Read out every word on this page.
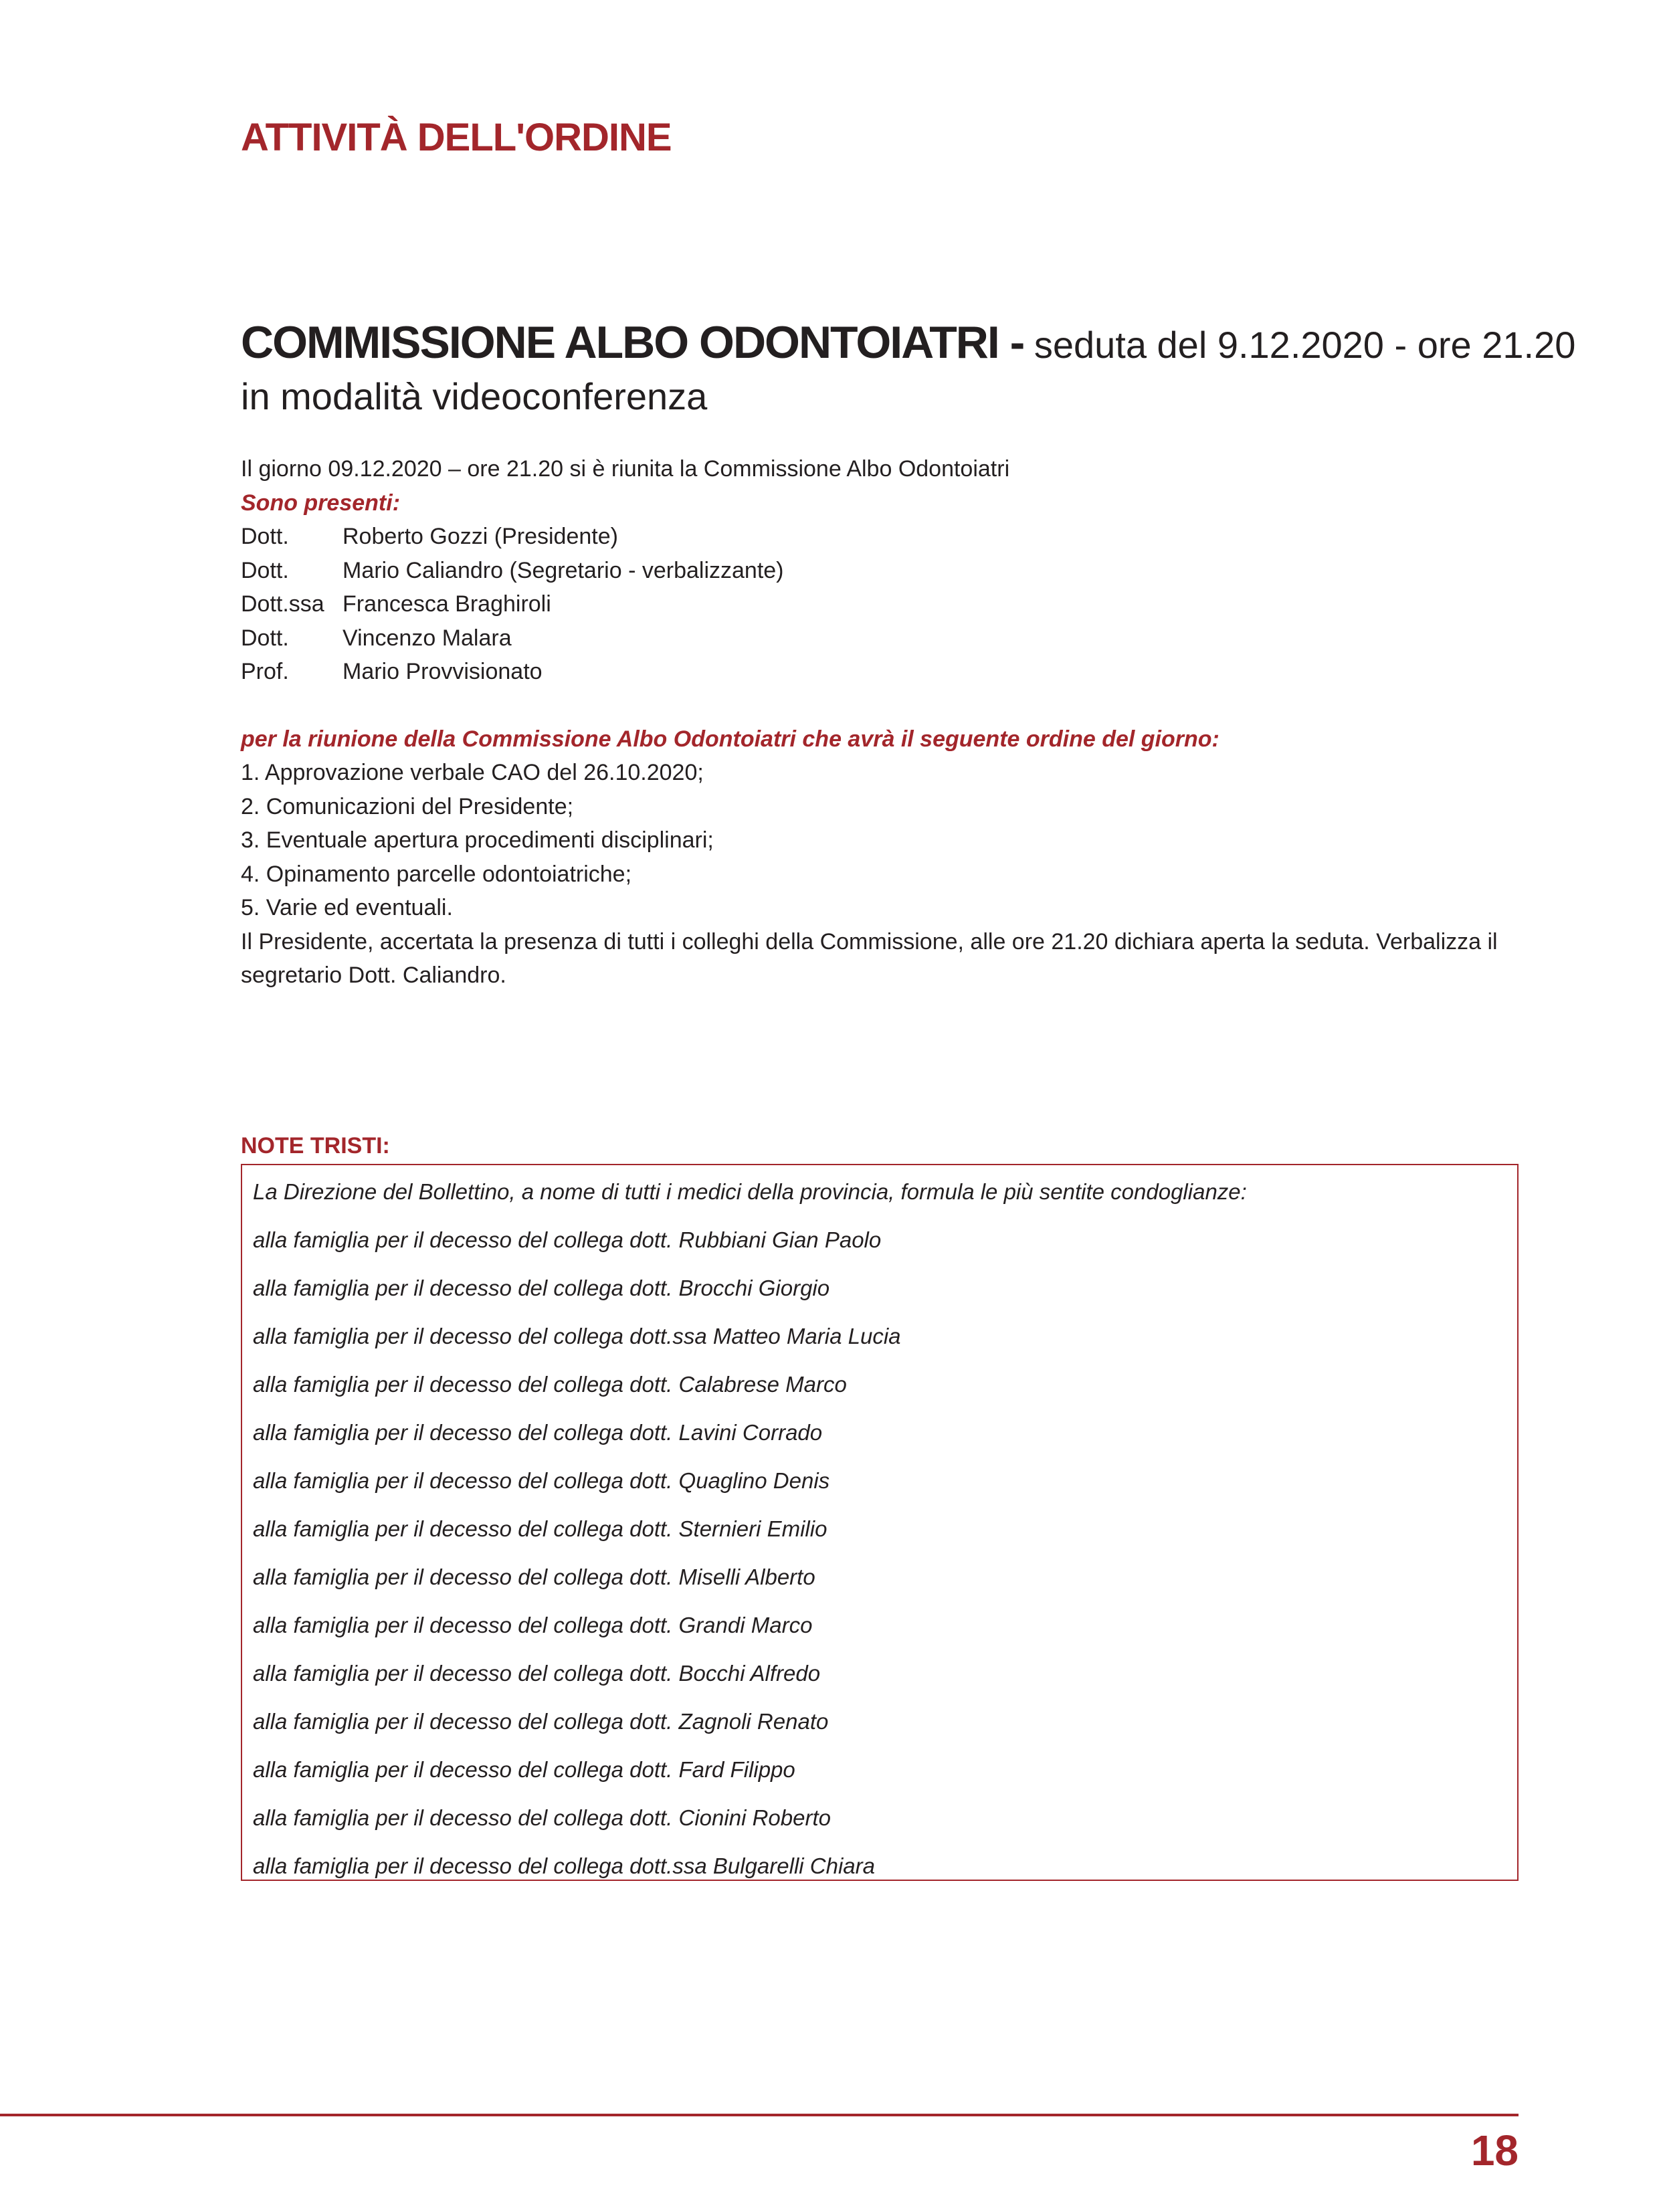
ATTIVITÀ DELL'ORDINE
COMMISSIONE ALBO ODONTOIATRI - seduta del 9.12.2020 - ore 21.20
in modalità videoconferenza

Il giorno 09.12.2020 – ore 21.20 si è riunita la Commissione Albo Odontoiatri

Sono presenti:

Dott.	Roberto Gozzi (Presidente)
Dott.	Mario Caliandro (Segretario - verbalizzante)
Dott.ssa Francesca Braghiroli
Dott.	Vincenzo Malara
Prof.	Mario Provvisionato

per la riunione della Commissione Albo Odontoiatri che avrà il seguente ordine del giorno:

1. Approvazione verbale CAO del 26.10.2020;

2. Comunicazioni del Presidente;

3. Eventuale apertura procedimenti disciplinari;

4. Opinamento parcelle odontoiatriche;

5. Varie ed eventuali.

Il Presidente, accertata la presenza di tutti i colleghi della Commissione, alle ore 21.20 dichiara aperta la seduta. Verbalizza il segretario Dott. Caliandro.

NOTE TRISTI:

La Direzione del Bollettino, a nome di tutti i medici della provincia, formula le più sentite condoglianze:

alla famiglia per il decesso del collega dott. Rubbiani Gian Paolo
alla famiglia per il decesso del collega dott. Brocchi Giorgio
alla famiglia per il decesso del collega dott.ssa Matteo Maria Lucia
alla famiglia per il decesso del collega dott. Calabrese Marco
alla famiglia per il decesso del collega dott. Lavini Corrado
alla famiglia per il decesso del collega dott. Quaglino Denis
alla famiglia per il decesso del collega dott. Sternieri Emilio
alla famiglia per il decesso del collega dott. Miselli Alberto
alla famiglia per il decesso del collega dott. Grandi Marco
alla famiglia per il decesso del collega dott. Bocchi Alfredo
alla famiglia per il decesso del collega dott. Zagnoli Renato
alla famiglia per il decesso del collega dott. Fard Filippo
alla famiglia per il decesso del collega dott. Cionini Roberto
alla famiglia per il decesso del collega dott.ssa Bulgarelli Chiara
18
